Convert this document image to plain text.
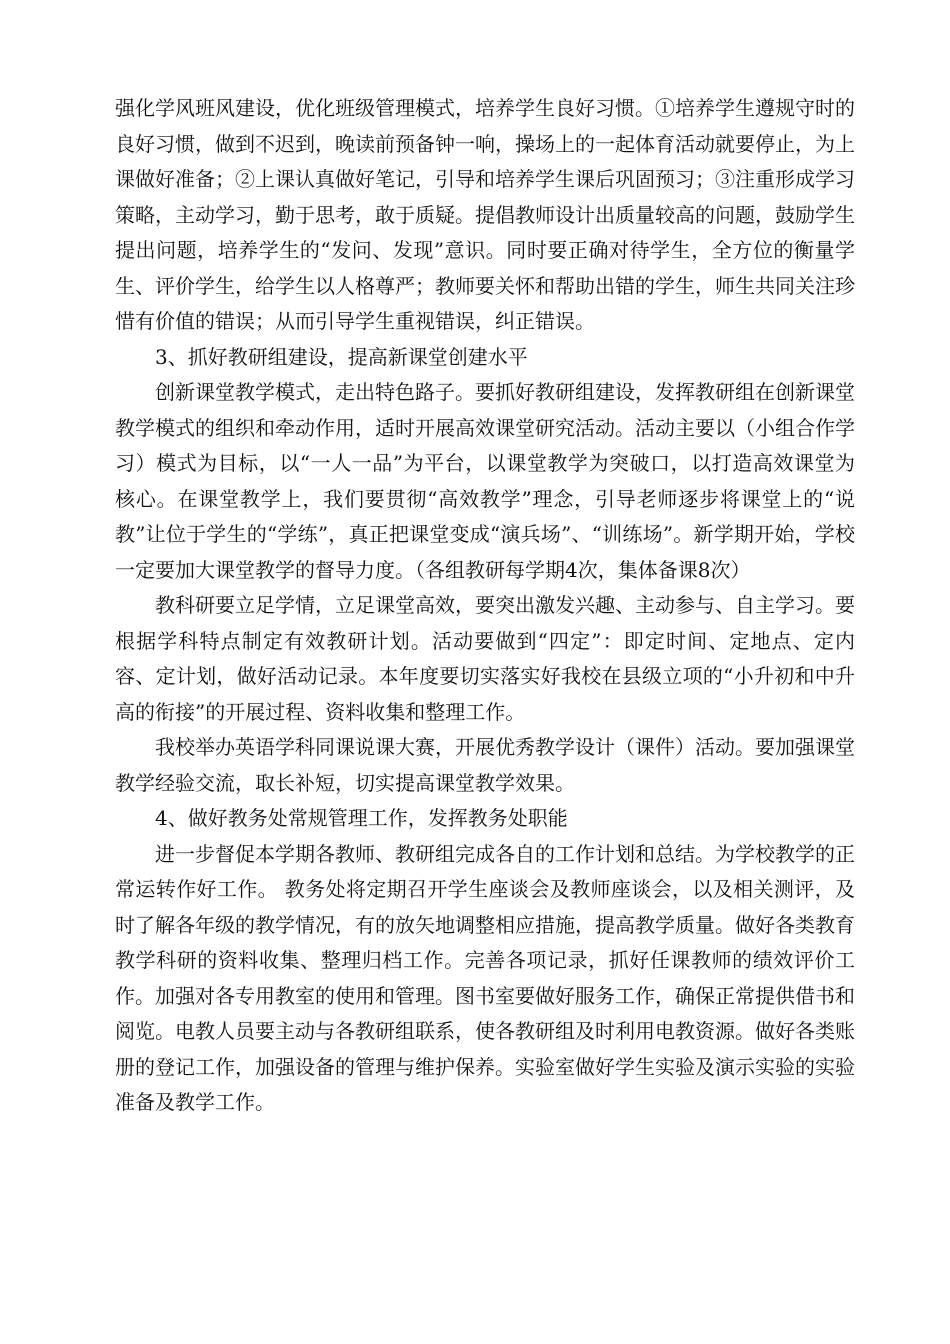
强化学风班风建设，优化班级管理模式，培养学生良好习惯。①培养学生遵规守时的良好习惯，做到不迟到，晚读前预备钟一响，操场上的一起体育活动就要停止，为上课做好准备；②上课认真做好笔记，引导和培养学生课后巩固预习；③注重形成学习策略，主动学习，勤于思考，敢于质疑。提倡教师设计出质量较高的问题，鼓励学生提出问题，培养学生的“发问、发现”意识。同时要正确对待学生，全方位的衡量学生、评价学生，给学生以人格尊严；教师要关怀和帮助出错的学生，师生共同关注珍惜有价值的错误；从而引导学生重视错误，纠正错误。

3、抓好教研组建设，提高新课堂创建水平

创新课堂教学模式，走出特色路子。要抓好教研组建设，发挥教研组在创新课堂教学模式的组织和牵动作用，适时开展高效课堂研究活动。活动主要以（小组合作学习）模式为目标，以“一人一品”为平台，以课堂教学为突破口，以打造高效课堂为核心。在课堂教学上，我们要贯彻“高效教学”理念，引导老师逐步将课堂上的“说教”让位于学生的“学练”，真正把课堂变成“演兵场”、“训练场”。新学期开始，学校一定要加大课堂教学的督导力度。（各组教研每学期4次，集体备课8次）

教科研要立足学情，立足课堂高效，要突出激发兴趣、主动参与、自主学习。要根据学科特点制定有效教研计划。活动要做到“四定”：即定时间、定地点、定内容、定计划，做好活动记录。本年度要切实落实好我校在县级立项的“小升初和中升高的衔接”的开展过程、资料收集和整理工作。

我校举办英语学科同课说课大赛，开展优秀教学设计（课件）活动。要加强课堂教学经验交流，取长补短，切实提高课堂教学效果。

4、做好教务处常规管理工作，发挥教务处职能

进一步督促本学期各教师、教研组完成各自的工作计划和总结。为学校教学的正常运转作好工作。 教务处将定期召开学生座谈会及教师座谈会，以及相关测评，及时了解各年级的教学情况，有的放矢地调整相应措施，提高教学质量。做好各类教育教学科研的资料收集、整理归档工作。完善各项记录，抓好任课教师的绩效评价工作。加强对各专用教室的使用和管理。图书室要做好服务工作，确保正常提供借书和阅览。电教人员要主动与各教研组联系，使各教研组及时利用电教资源。做好各类账册的登记工作，加强设备的管理与维护保养。实验室做好学生实验及演示实验的实验准备及教学工作。
